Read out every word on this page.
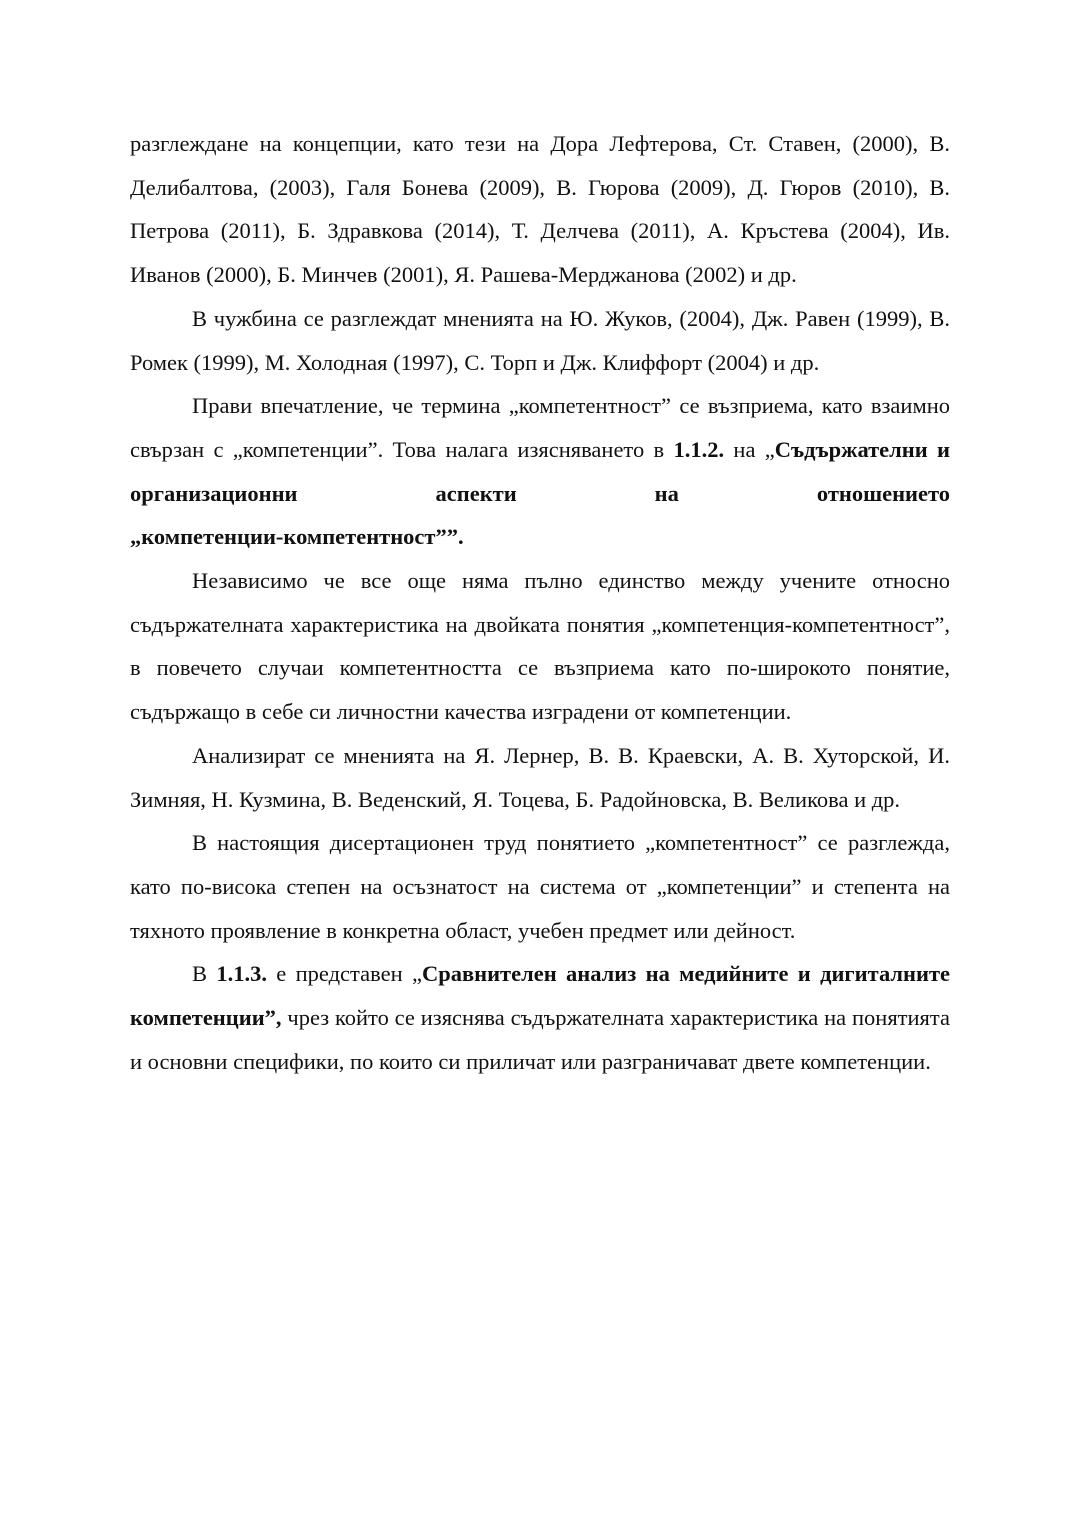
разглеждане на концепции, като тези на Дора Лефтерова, Ст. Ставен, (2000), В. Делибалтова, (2003), Галя Бонева (2009), В. Гюрова (2009), Д. Гюров (2010), В. Петрова (2011), Б. Здравкова (2014), Т. Делчева (2011), А. Кръстева (2004), Ив. Иванов (2000), Б. Минчев (2001), Я. Рашева-Мерджанова (2002) и др.

В чужбина се разглеждат мненията на Ю. Жуков, (2004), Дж. Равен (1999), В. Ромек (1999), М. Холодная (1997), С. Торп и Дж. Клиффорт (2004) и др.

Прави впечатление, че термина „компетентност” се възприема, като взаимно свързан с „компетенции”. Това налага изясняването в 1.1.2. на „Съдържателни и организационни аспекти на отношението

„компетенции-компетентност””.

Независимо че все още няма пълно единство между учените относно съдържателната характеристика на двойката понятия „компетенция-компетентност”, в повечето случаи компетентността се възприема като по-широкото понятие, съдържащо в себе си личностни качества изградени от компетенции.

Анализират се мненията на Я. Лернер, В. В. Краевски, А. В. Хуторской, И. Зимняя, Н. Кузмина, В. Веденский, Я. Тоцева, Б. Радойновска, В. Великова и др.

В настоящия дисертационен труд понятието „компетентност” се разглежда, като по-висока степен на осъзнатост на система от „компетенции” и степента на тяхното проявление в конкретна област, учебен предмет или дейност.

В 1.1.3. е представен „Сравнителен анализ на медийните и дигиталните компетенции”, чрез който се изяснява съдържателната характеристика на понятията и основни специфики, по които си приличат или разграничават двете компетенции.
